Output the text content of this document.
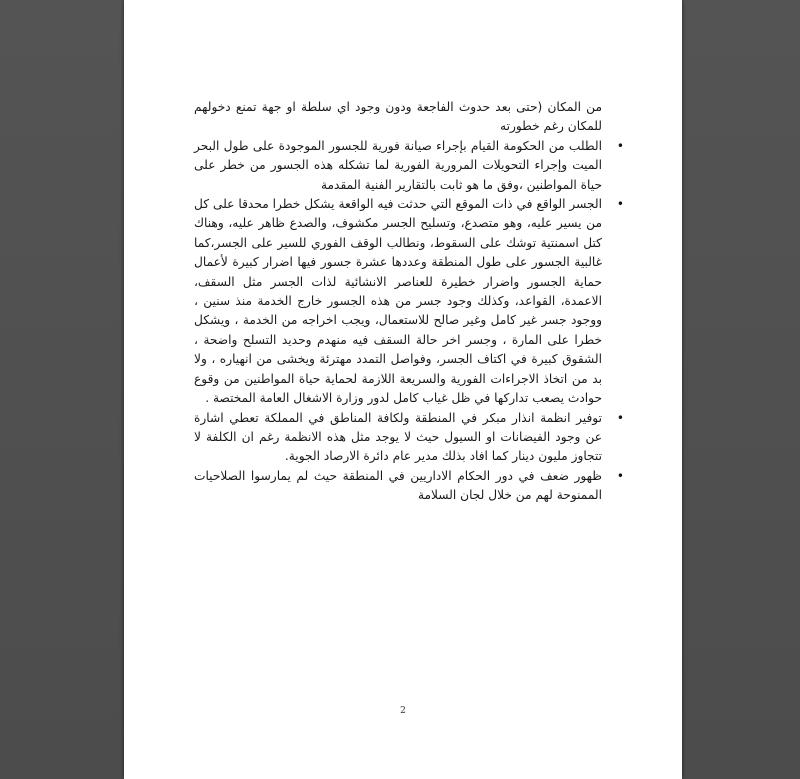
من المكان (حتى بعد حدوث الفاجعة ودون وجود اي سلطة او جهة تمنع دخولهم للمكان رغم خطورته

•

الطلب من الحكومة القيام بإجراء صيانة فورية للجسور الموجودة على طول البحر الميت وإجراء التحويلات المرورية الفورية لما تشكله هذه الجسور من خطر على حياة المواطنين ،وفق ما هو ثابت بالتقارير الفنية المقدمة

•

الجسر الواقع في ذات الموقع التي حدثت فيه الواقعة يشكل خطرا محدقا على كل من يسير عليه، وهو متصدع، وتسليح الجسر مكشوف، والصدع ظاهر عليه، وهناك كتل اسمنتية توشك على السقوط، ونطالب الوقف الفوري للسير على الجسر،كما غالبية الجسور على طول المنطقة وعددها عشرة جسور فيها اضرار كبيرة لأعمال حماية الجسور واضرار خطيرة للعناصر الانشائية لذات الجسر مثل السقف، الاعمدة، القواعد، وكذلك وجود جسر من هذه الجسور خارج الخدمة منذ سنين ، ووجود جسر غير كامل وغير صالح للاستعمال، ويجب اخراجه من الخدمة ، ويشكل خطرا على المارة ، وجسر اخر حالة السقف فيه منهدم وحديد التسلح واضحة ، الشقوق كبيرة في اكتاف الجسر، وفواصل التمدد مهترئة ويخشى من انهياره ، ولا بد من اتخاذ الاجراءات الفورية والسريعة اللازمة لحماية حياة المواطنين من وقوع حوادث يصعب تداركها في ظل غياب كامل لدور وزارة الاشغال العامة المختصة .

•

توفير انظمة انذار مبكر في المنطقة ولكافة المناطق في المملكة تعطي اشارة عن وجود الفيضانات او السيول حيث لا يوجد مثل هذه الانظمة رغم ان الكلفة لا تتجاوز مليون دينار كما افاد بذلك مدير عام دائرة الارصاد الجوية.

•

ظهور ضعف في دور الحكام الاداريين في المنطقة حيث لم يمارسوا الصلاحيات الممنوحة لهم من خلال لجان السلامة

2
